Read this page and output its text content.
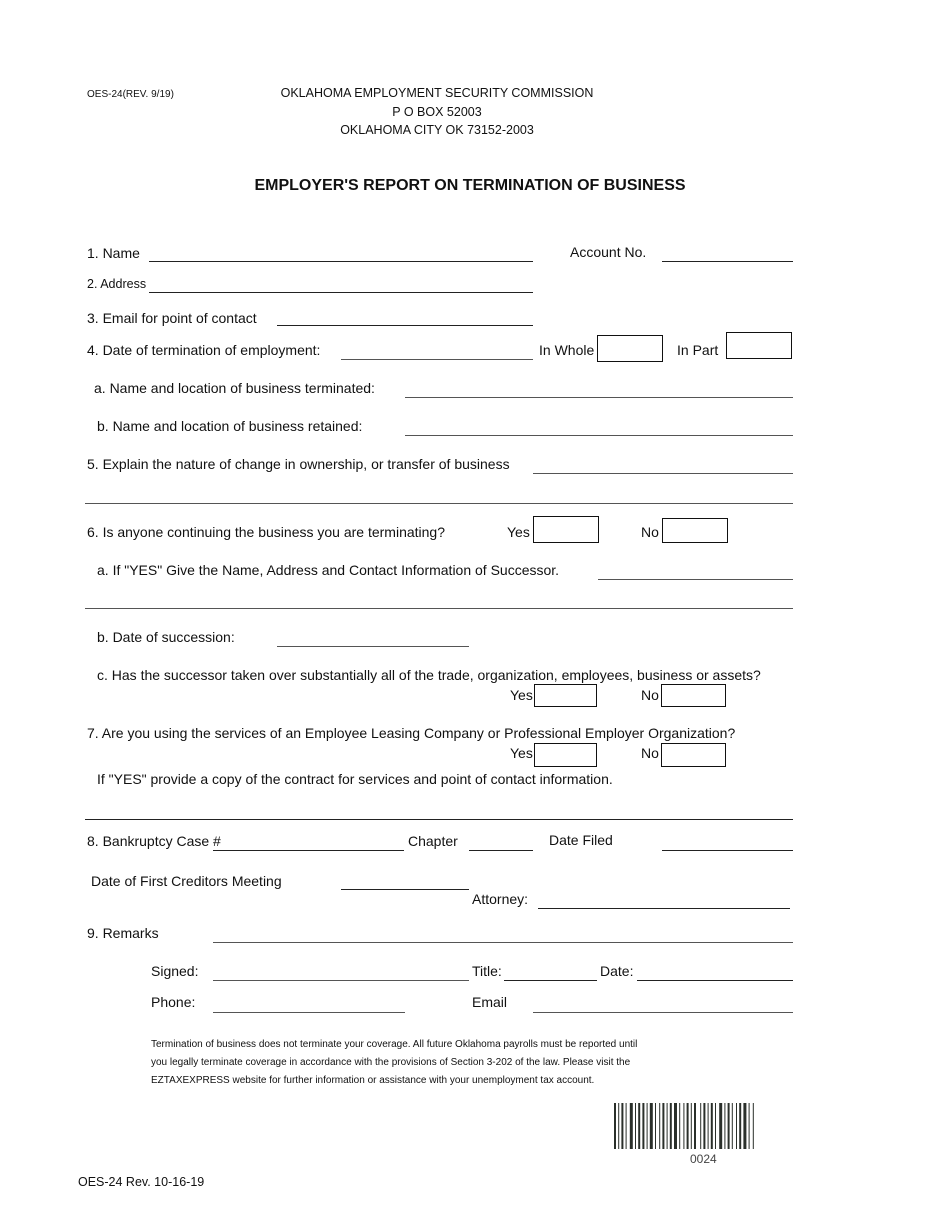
OES-24(REV. 9/19)	OKLAHOMA EMPLOYMENT SECURITY COMMISSION
P O BOX 52003
OKLAHOMA CITY OK 73152-2003
EMPLOYER'S REPORT ON TERMINATION OF BUSINESS
1. Name	Account No.
2. Address
3. Email for point of contact
4. Date of termination of employment:	In Whole	In Part
a. Name and location of business terminated:
b. Name and location of business retained:
5. Explain the nature of change in ownership, or transfer of business
6. Is anyone continuing the business you are terminating?	Yes	No
a. If "YES" Give the Name, Address and Contact Information of Successor.
b. Date of succession:
c. Has the successor taken over substantially all of the trade, organization, employees, business or assets?
Yes	No
7. Are you using the services of an Employee Leasing Company or Professional Employer Organization?
Yes	No
If "YES" provide a copy of the contract for services and point of contact information.
8. Bankruptcy Case #	Chapter	Date Filed
Date of First Creditors Meeting
Attorney:
9. Remarks
Signed:	Title:	Date:
Phone:	Email
Termination of business does not terminate your coverage. All future Oklahoma payrolls must be reported until
you legally terminate coverage in accordance with the provisions of Section 3-202 of the law. Please visit the
EZTAXEXPRESS website for further information or assistance with your unemployment tax account.
0024
OES-24 Rev. 10-16-19
